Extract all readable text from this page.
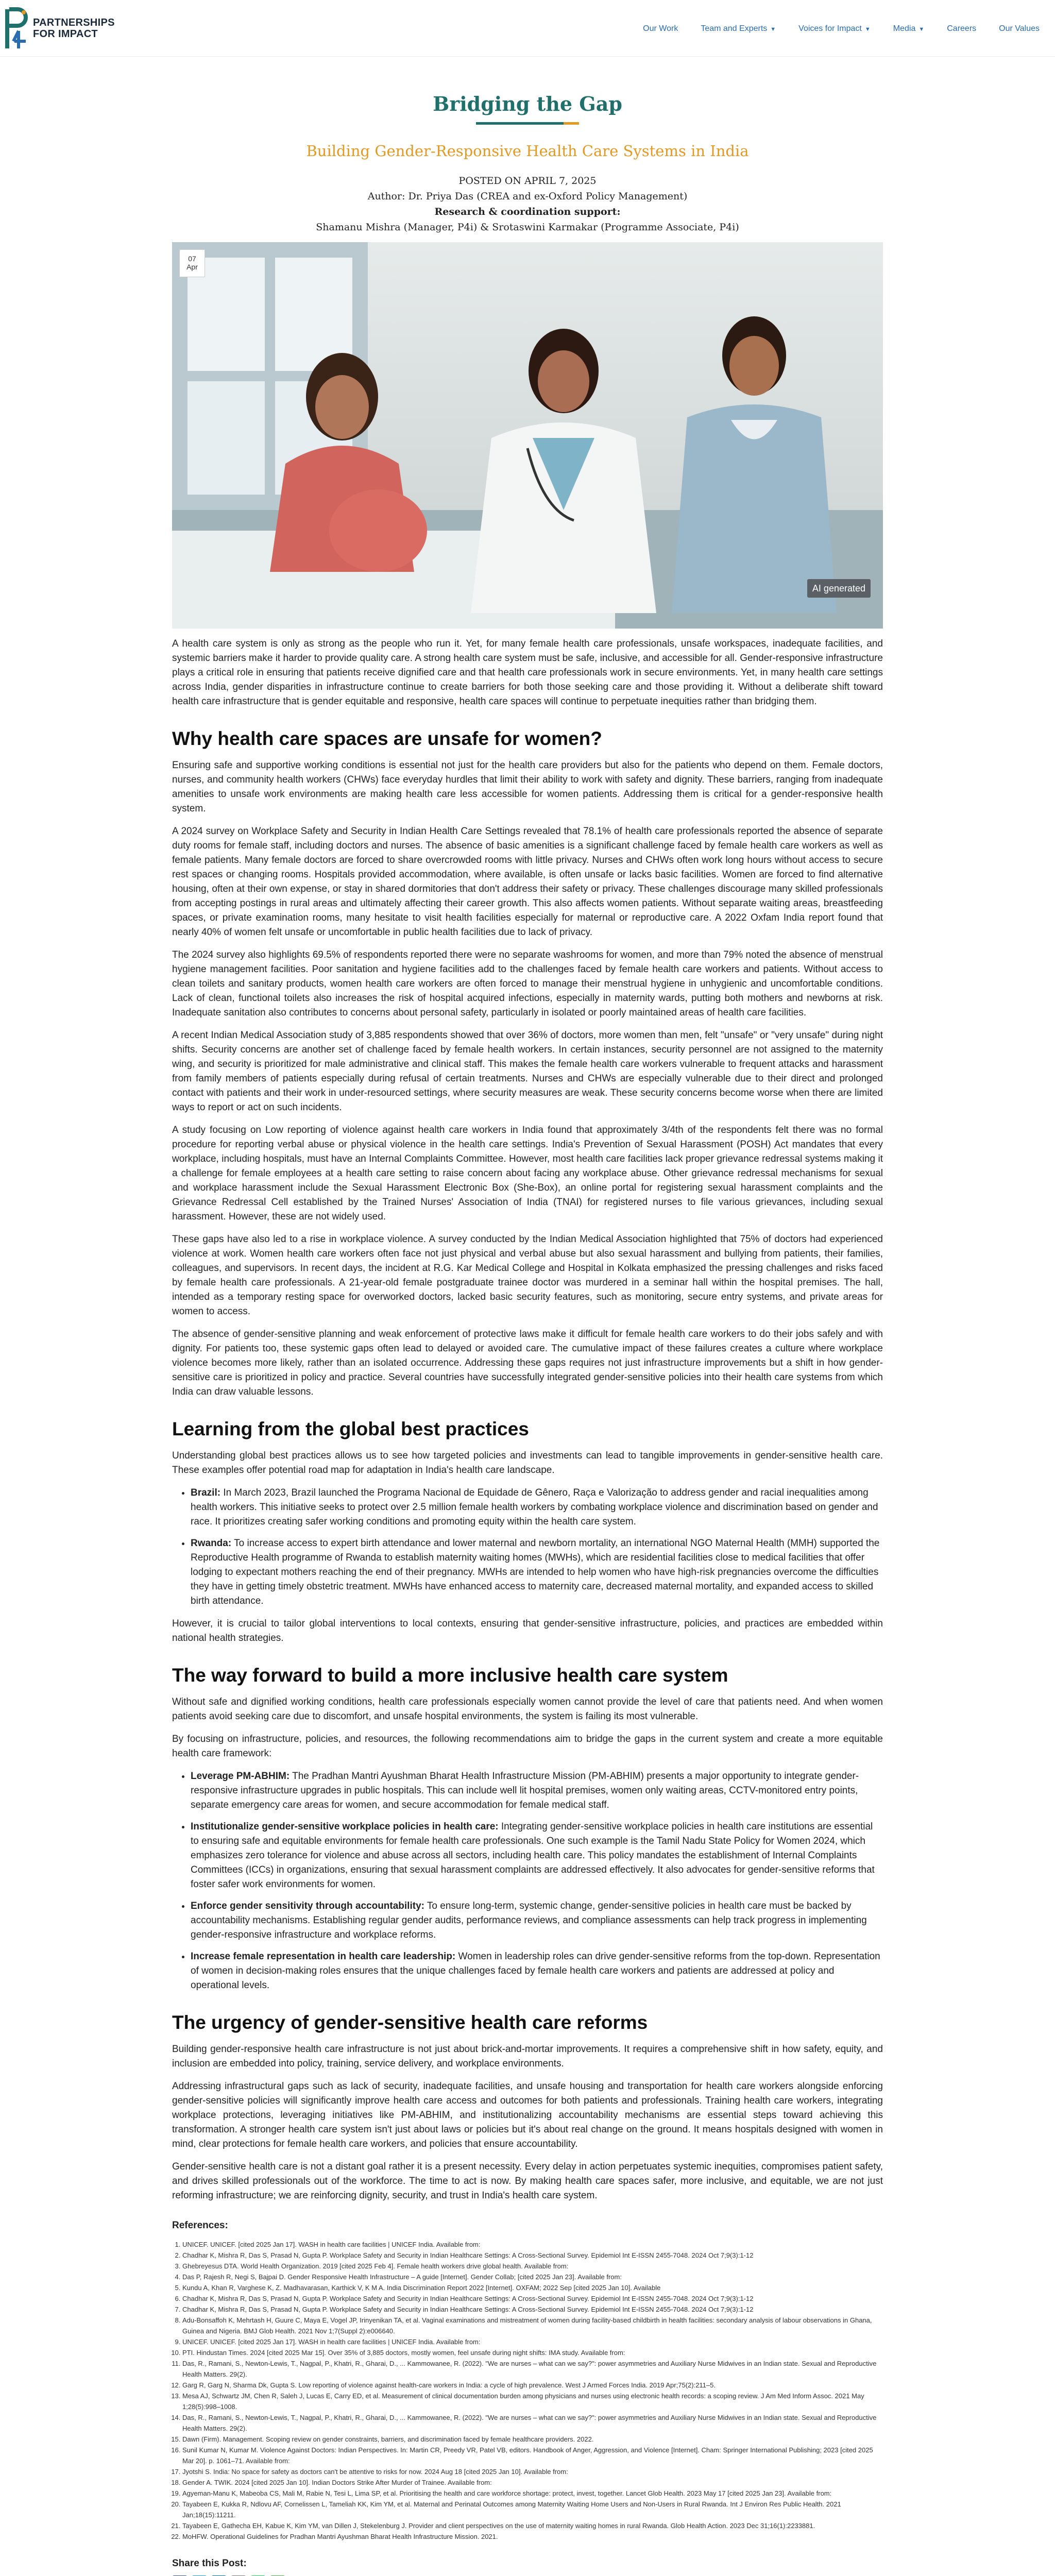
PARTNERSHIPS
FOR IMPACT	Our Work	Team and Experts ▼	Voices for Impact ▼	Media ▼	Careers	Our Values
Bridging the Gap
Building Gender-Responsive Health Care Systems in India
POSTED ON APRIL 7, 2025
Author: Dr. Priya Das (CREA and ex-Oxford Policy Management)
Research & coordination support:
Shamanu Mishra (Manager, P4i) & Srotaswini Karmakar (Programme Associate, P4i)
07
Apr
AI generated

A health care system is only as strong as the people who run it. Yet, for many female health care professionals, unsafe workspaces, inadequate facilities, and systemic barriers make it harder to provide quality care. A strong health care system must be safe, inclusive, and accessible for all. Gender-responsive infrastructure plays a critical role in ensuring that patients receive dignified care and that health care professionals work in secure environments. Yet, in many health care settings across India, gender disparities in infrastructure continue to create barriers for both those seeking care and those providing it. Without a deliberate shift toward health care infrastructure that is gender equitable and responsive, health care spaces will continue to perpetuate inequities rather than bridging them.

Why health care spaces are unsafe for women?

Ensuring safe and supportive working conditions is essential not just for the health care providers but also for the patients who depend on them. Female doctors, nurses, and community health workers (CHWs) face everyday hurdles that limit their ability to work with safety and dignity. These barriers, ranging from inadequate amenities to unsafe work environments are making health care less accessible for women patients. Addressing them is critical for a gender-responsive health system.

A 2024 survey on Workplace Safety and Security in Indian Health Care Settings revealed that 78.1% of health care professionals reported the absence of separate duty rooms for female staff, including doctors and nurses. The absence of basic amenities is a significant challenge faced by female health care workers as well as female patients. Many female doctors are forced to share overcrowded rooms with little privacy. Nurses and CHWs often work long hours without access to secure rest spaces or changing rooms. Hospitals provided accommodation, where available, is often unsafe or lacks basic facilities. Women are forced to find alternative housing, often at their own expense, or stay in shared dormitories that don't address their safety or privacy. These challenges discourage many skilled professionals from accepting postings in rural areas and ultimately affecting their career growth. This also affects women patients. Without separate waiting areas, breastfeeding spaces, or private examination rooms, many hesitate to visit health facilities especially for maternal or reproductive care. A 2022 Oxfam India report found that nearly 40% of women felt unsafe or uncomfortable in public health facilities due to lack of privacy.

The 2024 survey also highlights 69.5% of respondents reported there were no separate washrooms for women, and more than 79% noted the absence of menstrual hygiene management facilities. Poor sanitation and hygiene facilities add to the challenges faced by female health care workers and patients. Without access to clean toilets and sanitary products, women health care workers are often forced to manage their menstrual hygiene in unhygienic and uncomfortable conditions. Lack of clean, functional toilets also increases the risk of hospital acquired infections, especially in maternity wards, putting both mothers and newborns at risk. Inadequate sanitation also contributes to concerns about personal safety, particularly in isolated or poorly maintained areas of health care facilities.

A recent Indian Medical Association study of 3,885 respondents showed that over 36% of doctors, more women than men, felt "unsafe" or "very unsafe" during night shifts. Security concerns are another set of challenge faced by female health workers. In certain instances, security personnel are not assigned to the maternity wing, and security is prioritized for male administrative and clinical staff. This makes the female health care workers vulnerable to frequent attacks and harassment from family members of patients especially during refusal of certain treatments. Nurses and CHWs are especially vulnerable due to their direct and prolonged contact with patients and their work in under-resourced settings, where security measures are weak. These security concerns become worse when there are limited ways to report or act on such incidents.

A study focusing on Low reporting of violence against health care workers in India found that approximately 3/4th of the respondents felt there was no formal procedure for reporting verbal abuse or physical violence in the health care settings. India's Prevention of Sexual Harassment (POSH) Act mandates that every workplace, including hospitals, must have an Internal Complaints Committee. However, most health care facilities lack proper grievance redressal systems making it a challenge for female employees at a health care setting to raise concern about facing any workplace abuse. Other grievance redressal mechanisms for sexual and workplace harassment include the Sexual Harassment Electronic Box (She-Box), an online portal for registering sexual harassment complaints and the Grievance Redressal Cell established by the Trained Nurses' Association of India (TNAI) for registered nurses to file various grievances, including sexual harassment. However, these are not widely used.

These gaps have also led to a rise in workplace violence. A survey conducted by the Indian Medical Association highlighted that 75% of doctors had experienced violence at work. Women health care workers often face not just physical and verbal abuse but also sexual harassment and bullying from patients, their families, colleagues, and supervisors. In recent days, the incident at R.G. Kar Medical College and Hospital in Kolkata emphasized the pressing challenges and risks faced by female health care professionals. A 21-year-old female postgraduate trainee doctor was murdered in a seminar hall within the hospital premises. The hall, intended as a temporary resting space for overworked doctors, lacked basic security features, such as monitoring, secure entry systems, and private areas for women to access.

The absence of gender-sensitive planning and weak enforcement of protective laws make it difficult for female health care workers to do their jobs safely and with dignity. For patients too, these systemic gaps often lead to delayed or avoided care. The cumulative impact of these failures creates a culture where workplace violence becomes more likely, rather than an isolated occurrence. Addressing these gaps requires not just infrastructure improvements but a shift in how gender-sensitive care is prioritized in policy and practice. Several countries have successfully integrated gender-sensitive policies into their health care systems from which India can draw valuable lessons.

Learning from the global best practices

Understanding global best practices allows us to see how targeted policies and investments can lead to tangible improvements in gender-sensitive health care. These examples offer potential road map for adaptation in India's health care landscape.

• Brazil: In March 2023, Brazil launched the Programa Nacional de Equidade de Gênero, Raça e Valorização to address gender and racial inequalities among health workers. This initiative seeks to protect over 2.5 million female health workers by combating workplace violence and discrimination based on gender and race. It prioritizes creating safer working conditions and promoting equity within the health care system.
• Rwanda: To increase access to expert birth attendance and lower maternal and newborn mortality, an international NGO Maternal Health (MMH) supported the Reproductive Health programme of Rwanda to establish maternity waiting homes (MWHs), which are residential facilities close to medical facilities that offer lodging to expectant mothers reaching the end of their pregnancy. MWHs are intended to help women who have high-risk pregnancies overcome the difficulties they have in getting timely obstetric treatment. MWHs have enhanced access to maternity care, decreased maternal mortality, and expanded access to skilled birth attendance.

However, it is crucial to tailor global interventions to local contexts, ensuring that gender-sensitive infrastructure, policies, and practices are embedded within national health strategies.

The way forward to build a more inclusive health care system

Without safe and dignified working conditions, health care professionals especially women cannot provide the level of care that patients need. And when women patients avoid seeking care due to discomfort, and unsafe hospital environments, the system is failing its most vulnerable.

By focusing on infrastructure, policies, and resources, the following recommendations aim to bridge the gaps in the current system and create a more equitable health care framework:

• Leverage PM-ABHIM: The Pradhan Mantri Ayushman Bharat Health Infrastructure Mission (PM-ABHIM) presents a major opportunity to integrate gender-responsive infrastructure upgrades in public hospitals. This can include well lit hospital premises, women only waiting areas, CCTV-monitored entry points, separate emergency care areas for women, and secure accommodation for female medical staff.
• Institutionalize gender-sensitive workplace policies in health care: Integrating gender-sensitive workplace policies in health care institutions are essential to ensuring safe and equitable environments for female health care professionals. One such example is the Tamil Nadu State Policy for Women 2024, which emphasizes zero tolerance for violence and abuse across all sectors, including health care. This policy mandates the establishment of Internal Complaints Committees (ICCs) in organizations, ensuring that sexual harassment complaints are addressed effectively. It also advocates for gender-sensitive reforms that foster safer work environments for women.
• Enforce gender sensitivity through accountability: To ensure long-term, systemic change, gender-sensitive policies in health care must be backed by accountability mechanisms. Establishing regular gender audits, performance reviews, and compliance assessments can help track progress in implementing gender-responsive infrastructure and workplace reforms.
• Increase female representation in health care leadership: Women in leadership roles can drive gender-sensitive reforms from the top-down. Representation of women in decision-making roles ensures that the unique challenges faced by female health care workers and patients are addressed at policy and operational levels.
The urgency of gender-sensitive health care reforms

Building gender-responsive health care infrastructure is not just about brick-and-mortar improvements. It requires a comprehensive shift in how safety, equity, and inclusion are embedded into policy, training, service delivery, and workplace environments.

Addressing infrastructural gaps such as lack of security, inadequate facilities, and unsafe housing and transportation for health care workers alongside enforcing gender-sensitive policies will significantly improve health care access and outcomes for both patients and professionals. Training health care workers, integrating workplace protections, leveraging initiatives like PM-ABHIM, and institutionalizing accountability mechanisms are essential steps toward achieving this transformation. A stronger health care system isn't just about laws or policies but it's about real change on the ground. It means hospitals designed with women in mind, clear protections for female health care workers, and policies that ensure accountability.

Gender-sensitive health care is not a distant goal rather it is a present necessity. Every delay in action perpetuates systemic inequities, compromises patient safety, and drives skilled professionals out of the workforce. The time to act is now. By making health care spaces safer, more inclusive, and equitable, we are not just reforming infrastructure; we are reinforcing dignity, security, and trust in India's health care system.

References:
1. UNICEF. UNICEF. [cited 2025 Jan 17]. WASH in health care facilities | UNICEF India. Available from:
2. Chadhar K, Mishra R, Das S, Prasad N, Gupta P. Workplace Safety and Security in Indian Healthcare Settings: A Cross-Sectional Survey. Epidemiol Int E-ISSN 2455-7048. 2024 Oct 7;9(3):1-12
3. Ghebreyesus DTA. World Health Organization. 2019 [cited 2025 Feb 4]. Female health workers drive global health. Available from:
4. Das P, Rajesh R, Negi S, Bajpai D. Gender Responsive Health Infrastructure – A guide [Internet]. Gender Collab; [cited 2025 Jan 23]. Available from:
5. Kundu A, Khan R, Varghese K, Z. Madhavarasan, Karthick V, K M A. India Discrimination Report 2022 [Internet]. OXFAM; 2022 Sep [cited 2025 Jan 10]. Available
6. Chadhar K, Mishra R, Das S, Prasad N, Gupta P. Workplace Safety and Security in Indian Healthcare Settings: A Cross-Sectional Survey. Epidemiol Int E-ISSN 2455-7048. 2024 Oct 7;9(3):1-12
7. Chadhar K, Mishra R, Das S, Prasad N, Gupta P. Workplace Safety and Security in Indian Healthcare Settings: A Cross-Sectional Survey. Epidemiol Int E-ISSN 2455-7048. 2024 Oct 7;9(3):1-12
8. Adu-Bonsaffoh K, Mehrtash H, Guure C, Maya E, Vogel JP, Irinyenikan TA, et al. Vaginal examinations and mistreatment of women during facility-based childbirth in health facilities: secondary analysis of labour observations in Ghana, Guinea and Nigeria. BMJ Glob Health. 2021 Nov 1;7(Suppl 2):e006640.
9. UNICEF. UNICEF. [cited 2025 Jan 17]. WASH in health care facilities | UNICEF India. Available from:
10. PTI. Hindustan Times. 2024 [cited 2025 Mar 15]. Over 35% of 3,885 doctors, mostly women, feel unsafe during night shifts: IMA study. Available from:
11. Das, R., Ramani, S., Newton-Lewis, T., Nagpal, P., Khatri, R., Gharai, D., ... Kammowanee, R. (2022). "We are nurses – what can we say?": power asymmetries and Auxiliary Nurse Midwives in an Indian state. Sexual and Reproductive Health Matters. 29(2).
12. Garg R, Garg N, Sharma Dk, Gupta S. Low reporting of violence against health-care workers in India: a cycle of high prevalence. West J Armed Forces India. 2019 Apr;75(2):211–5.
13. Mesa AJ, Schwartz JM, Chen R, Saleh J, Lucas E, Carry ED, et al. Measurement of clinical documentation burden among physicians and nurses using electronic health records: a scoping review. J Am Med Inform Assoc. 2021 May 1;28(5):998–1008.
14. Das, R., Ramani, S., Newton-Lewis, T., Nagpal, P., Khatri, R., Gharai, D., ... Kammowanee, R. (2022). "We are nurses – what can we say?": power asymmetries and Auxiliary Nurse Midwives in an Indian state. Sexual and Reproductive Health Matters. 29(2).
15. Dawn (Firm). Management. Scoping review on gender constraints, barriers, and discrimination faced by female healthcare providers. 2022.
16. Sunil Kumar N, Kumar M. Violence Against Doctors: Indian Perspectives. In: Martin CR, Preedy VR, Patel VB, editors. Handbook of Anger, Aggression, and Violence [Internet]. Cham: Springer International Publishing; 2023 [cited 2025 Mar 20]. p. 1061–71. Available from:
17. Jyotshi S. India: No space for safety as doctors can't be attentive to risks for now. 2024 Aug 18 [cited 2025 Jan 10]. Available from:
18. Gender A. TWIK. 2024 [cited 2025 Jan 10]. Indian Doctors Strike After Murder of Trainee. Available from:
19. Agyeman-Manu K, Mabeoba CS, Mali M, Rabie N, Tesi L, Lima SP, et al. Prioritising the health and care workforce shortage: protect, invest, together. Lancet Glob Health. 2023 May 17 [cited 2025 Jan 23]. Available from:
20. Tayabeen E, Kukka R, Ndlovu AF, Cornelissen L, Tameliah KK, Kim YM, et al. Maternal and Perinatal Outcomes among Maternity Waiting Home Users and Non-Users in Rural Rwanda. Int J Environ Res Public Health. 2021 Jan;18(15):11211.
21. Tayabeen E, Gathecha EH, Kabue K, Kim YM, van Dillen J, Stekelenburg J. Provider and client perspectives on the use of maternity waiting homes in rural Rwanda. Glob Health Action. 2023 Dec 31;16(1):2233881.
22. MoHFW. Operational Guidelines for Pradhan Mantri Ayushman Bharat Health Infrastructure Mission. 2021.
Share this Post:
